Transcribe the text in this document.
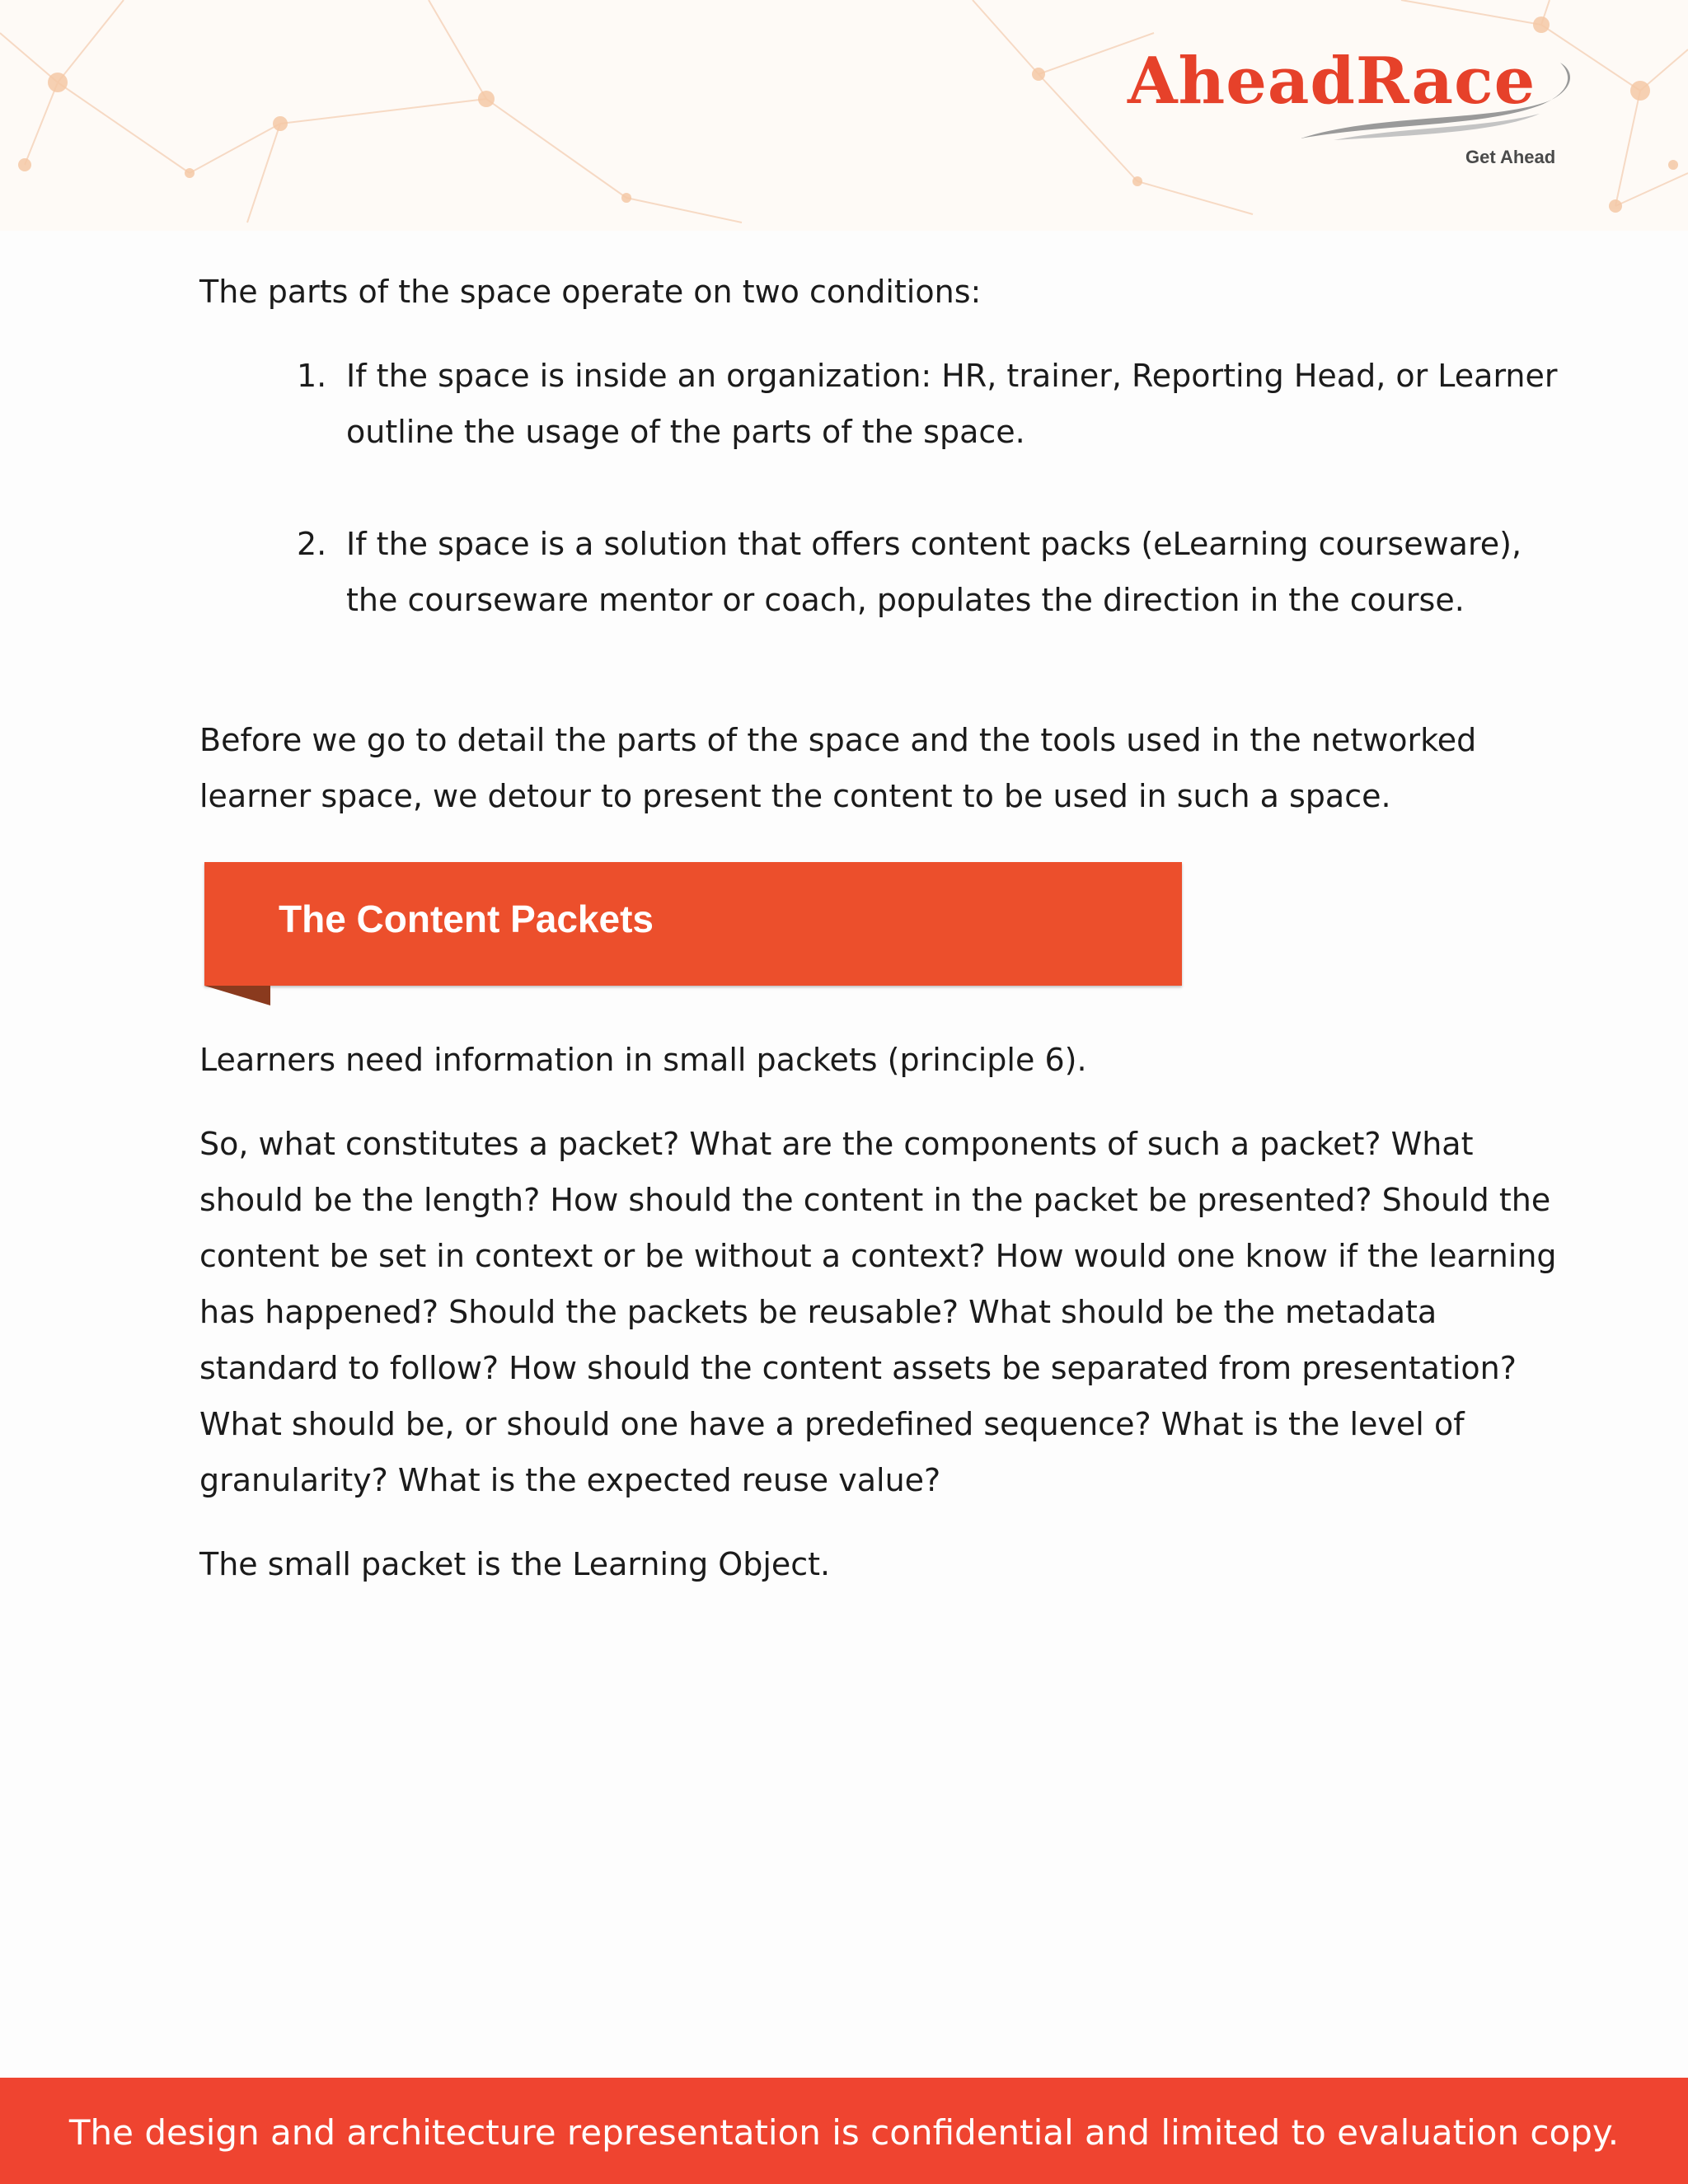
AheadRace
Get Ahead

The parts of the space operate on two conditions:

1. If the space is inside an organization: HR, trainer, Reporting Head, or Learner

outline the usage of the parts of the space.

2. If the space is a solution that offers content packs (eLearning courseware),

the courseware mentor or coach, populates the direction in the course.

Before we go to detail the parts of the space and the tools used in the networked

learner space, we detour to present the content to be used in such a space.

The Content Packets

Learners need information in small packets (principle 6).

So, what constitutes a packet? What are the components of such a packet? What

should be the length? How should the content in the packet be presented? Should the

content be set in context or be without a context? How would one know if the learning

has happened? Should the packets be reusable? What should be the metadata

standard to follow? How should the content assets be separated from presentation?

What should be, or should one have a predefined sequence? What is the level of

granularity? What is the expected reuse value?

The small packet is the Learning Object.

The design and architecture representation is confidential and limited to evaluation copy.
